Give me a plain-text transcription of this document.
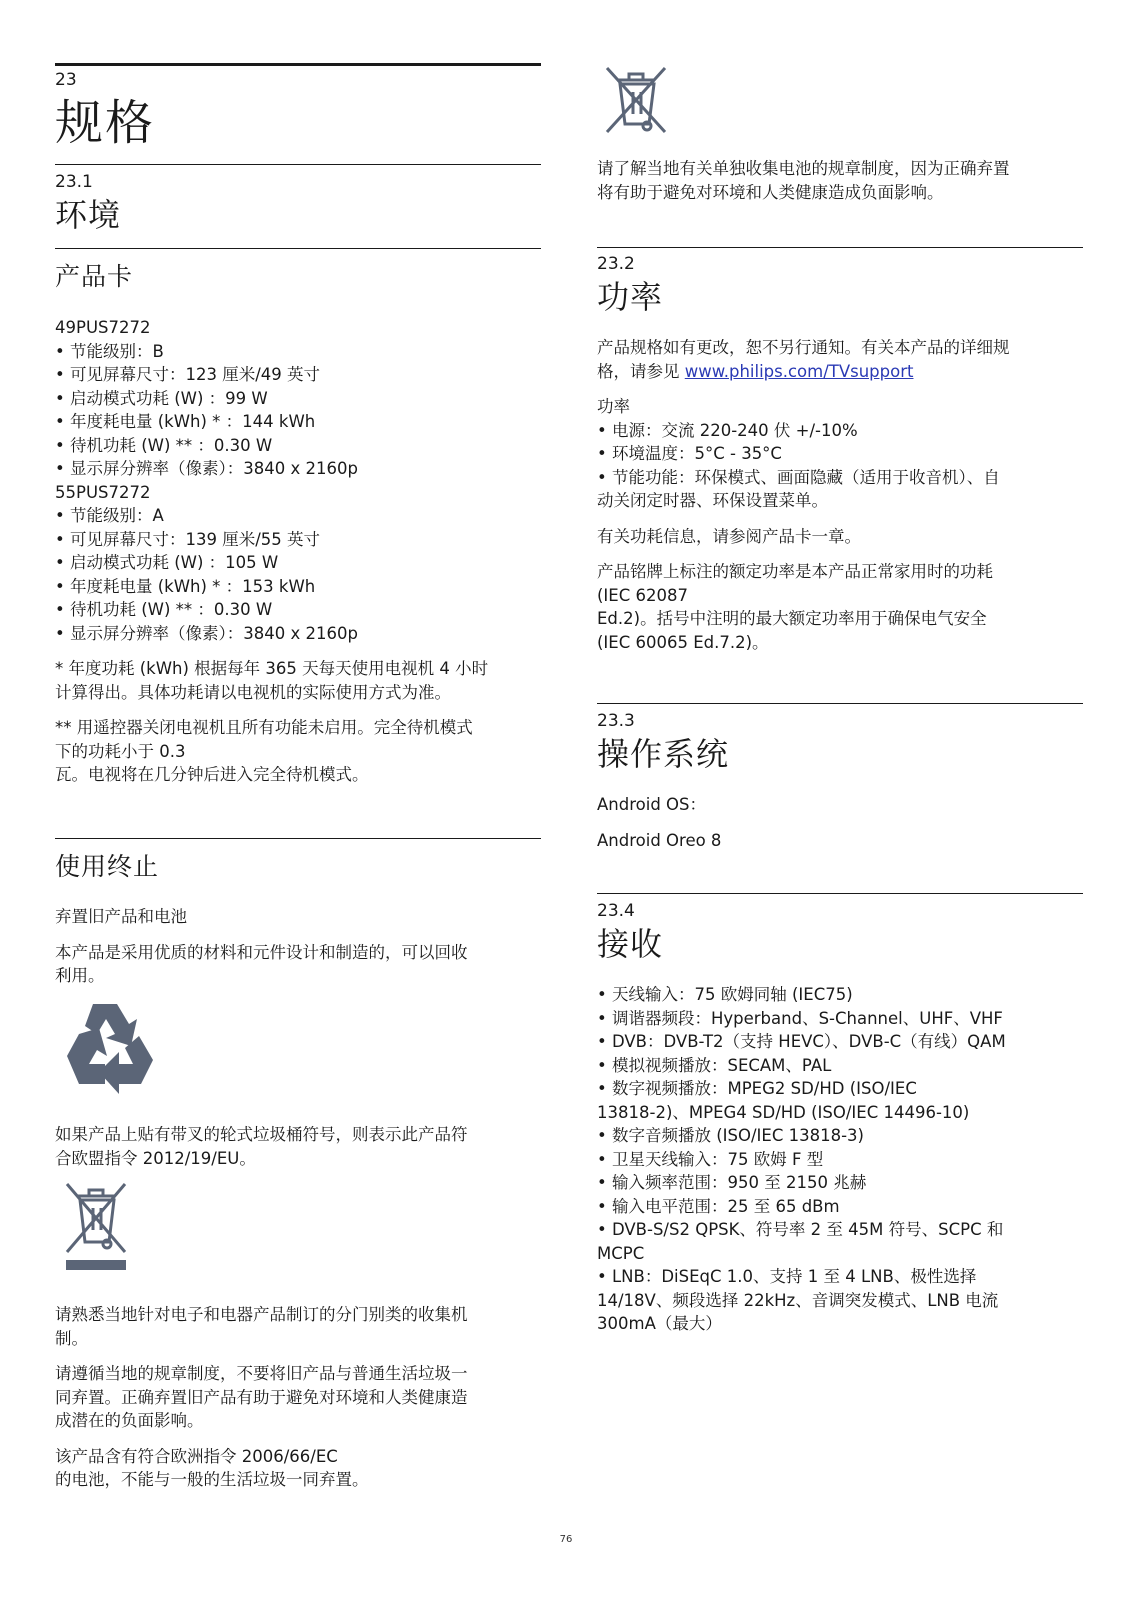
23
规格
23.1
环境
产品卡

49PUS7272

• 节能级别：B

• 可见屏幕尺寸：123 厘米/49 英寸

• 启动模式功耗 (W) ：99 W

• 年度耗电量 (kWh) * ：144 kWh

• 待机功耗 (W) ** ：0.30 W

• 显示屏分辨率（像素）：3840 x 2160p

55PUS7272

• 节能级别：A

• 可见屏幕尺寸：139 厘米/55 英寸

• 启动模式功耗 (W) ：105 W

• 年度耗电量 (kWh) * ：153 kWh

• 待机功耗 (W) ** ：0.30 W

• 显示屏分辨率（像素）：3840 x 2160p

* 年度功耗 (kWh) 根据每年 365 天每天使用电视机 4 小时

计算得出。具体功耗请以电视机的实际使用方式为准。

** 用遥控器关闭电视机且所有功能未启用。完全待机模式

下的功耗小于 0.3

瓦。电视将在几分钟后进入完全待机模式。

使用终止

弃置旧产品和电池

本产品是采用优质的材料和元件设计和制造的，可以回收

利用。

如果产品上贴有带叉的轮式垃圾桶符号，则表示此产品符

合欧盟指令 2012/19/EU。

请熟悉当地针对电子和电器产品制订的分门别类的收集机

制。

请遵循当地的规章制度，不要将旧产品与普通生活垃圾一

同弃置。正确弃置旧产品有助于避免对环境和人类健康造

成潜在的负面影响。

该产品含有符合欧洲指令 2006/66/EC

的电池，不能与一般的生活垃圾一同弃置。

请了解当地有关单独收集电池的规章制度，因为正确弃置

将有助于避免对环境和人类健康造成负面影响。

23.2
功率

产品规格如有更改，恕不另行通知。有关本产品的详细规

格，请参见 www.philips.com/TVsupport

功率

• 电源：交流 220-240 伏 +/-10%

• 环境温度：5°C - 35°C

• 节能功能：环保模式、画面隐藏（适用于收音机）、自

动关闭定时器、环保设置菜单。

有关功耗信息，请参阅产品卡一章。

产品铭牌上标注的额定功率是本产品正常家用时的功耗

(IEC 62087

Ed.2)。括号中注明的最大额定功率用于确保电气安全

(IEC 60065 Ed.7.2)。

23.3
操作系统

Android OS：

Android Oreo 8

23.4
接收

• 天线输入：75 欧姆同轴 (IEC75)

• 调谐器频段：Hyperband、S-Channel、UHF、VHF

• DVB：DVB-T2（支持 HEVC）、DVB-C（有线）QAM

• 模拟视频播放：SECAM、PAL

• 数字视频播放：MPEG2 SD/HD (ISO/IEC

13818-2)、MPEG4 SD/HD (ISO/IEC 14496-10)

• 数字音频播放 (ISO/IEC 13818-3)

• 卫星天线输入：75 欧姆 F 型

• 输入频率范围：950 至 2150 兆赫

• 输入电平范围：25 至 65 dBm

• DVB-S/S2 QPSK、符号率 2 至 45M 符号、SCPC 和

MCPC

• LNB：DiSEqC 1.0、支持 1 至 4 LNB、极性选择

14/18V、频段选择 22kHz、音调突发模式、LNB 电流

300mA（最大）

76
